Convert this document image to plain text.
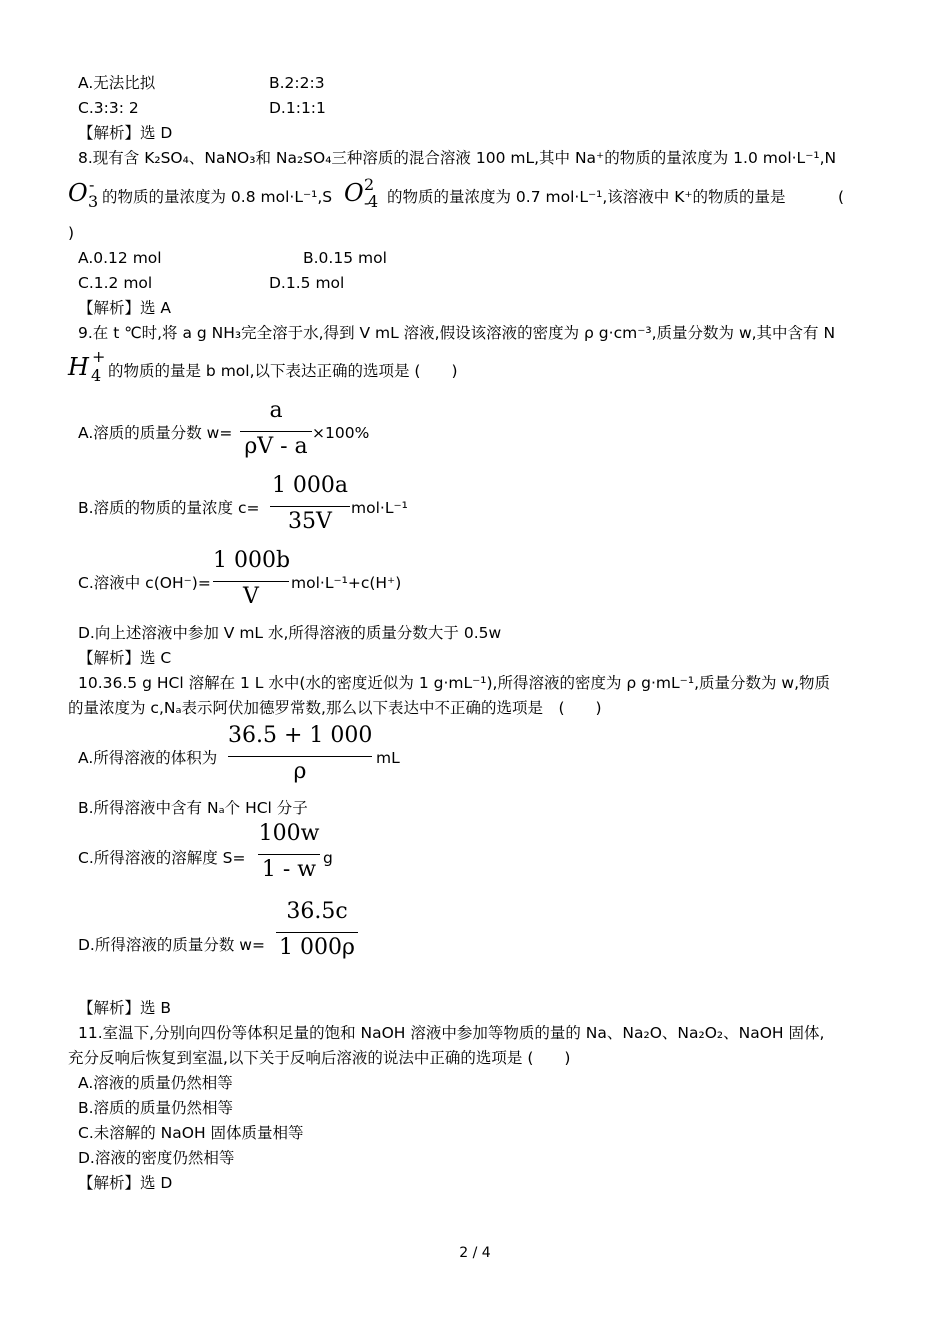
A.无法比拟	B.2:2:3
C.3:3: 2	D.1:1:1
【解析】选 D
8.现有含 K₂SO₄、NaNO₃和 Na₂SO₄三种溶质的混合溶液 100 mL,其中 Na⁺的物质的量浓度为 1.0 mol·L⁻¹,N
O -
3 的物质的量浓度为 0.8 mol·L⁻¹,S O 2 -
4 的物质的量浓度为 0.7 mol·L⁻¹,该溶液中 K⁺的物质的量是	(
)
A.0.12 mol	B.0.15 mol
C.1.2 mol	D.1.5 mol
【解析】选 A
9.在 t ℃时,将 a g NH₃完全溶于水,得到 V mL 溶液,假设该溶液的密度为 ρ g·cm⁻³,质量分数为 w,其中含有 N
H +
4 的物质的量是 b mol,以下表达正确的选项是 (　　)
A.溶质的质量分数 w=
a
ρV - a
×100%
B.溶质的物质的量浓度 c=
1 000a
35V
mol·L⁻¹
C.溶液中 c(OH⁻)=
1 000b
V
mol·L⁻¹+c(H⁺)
D.向上述溶液中参加 V mL 水,所得溶液的质量分数大于 0.5w
【解析】选 C
10.36.5 g HCl 溶解在 1 L 水中(水的密度近似为 1 g·mL⁻¹),所得溶液的密度为 ρ g·mL⁻¹,质量分数为 w,物质
的量浓度为 c,Nₐ表示阿伏加德罗常数,那么以下表达中不正确的选项是　(　　)
A.所得溶液的体积为
36.5 + 1 000
ρ
mL
B.所得溶液中含有 Nₐ个 HCl 分子
C.所得溶液的溶解度 S=
100w
1 - w g
D.所得溶液的质量分数 w=
36.5c
1 000ρ
【解析】选 B
11.室温下,分别向四份等体积足量的饱和 NaOH 溶液中参加等物质的量的 Na、Na₂O、Na₂O₂、NaOH 固体,
充分反响后恢复到室温,以下关于反响后溶液的说法中正确的选项是 (　　)
A.溶液的质量仍然相等
B.溶质的质量仍然相等
C.未溶解的 NaOH 固体质量相等
D.溶液的密度仍然相等
【解析】选 D
2 / 4
